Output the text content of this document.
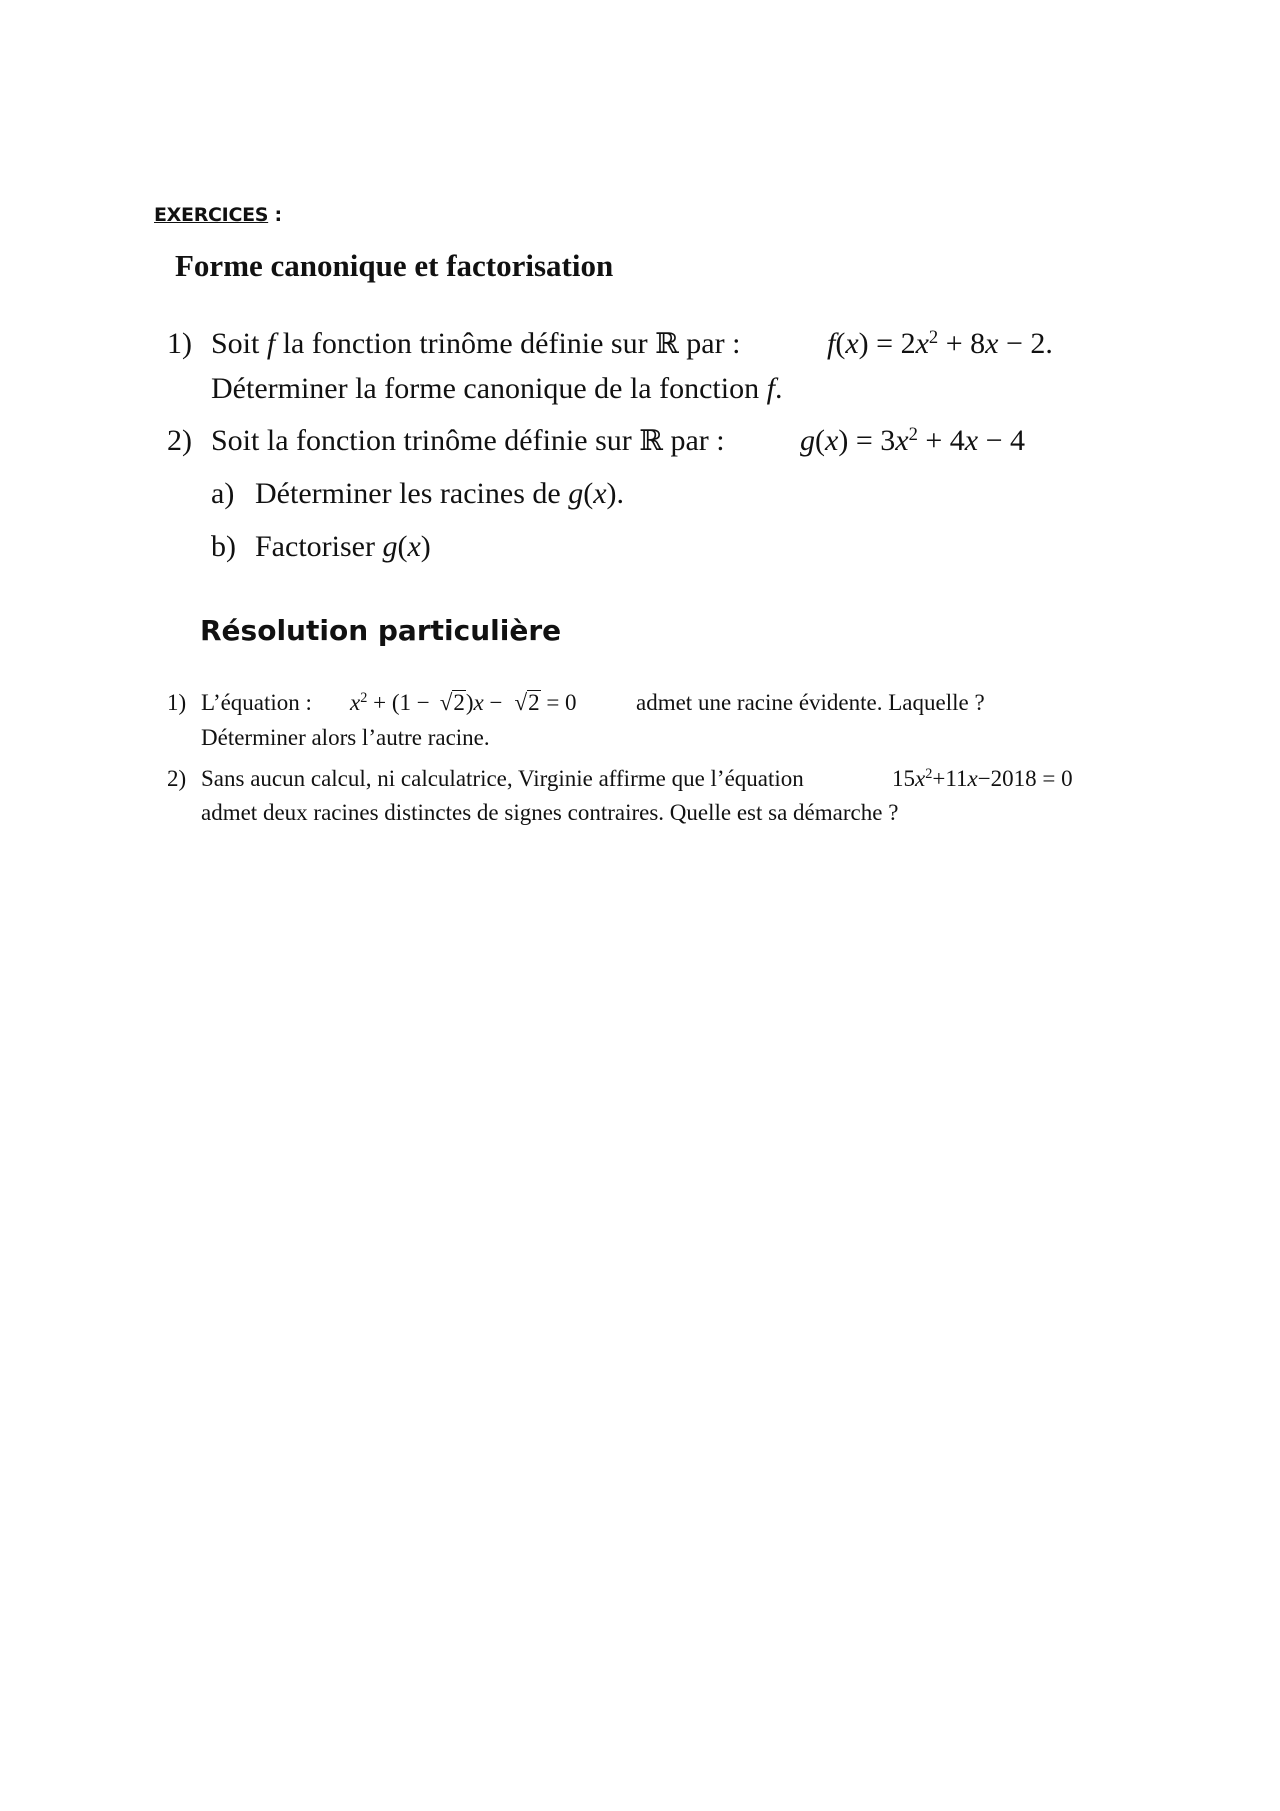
EXERCICES :
Forme canonique et factorisation
1) Soit f la fonction trinôme définie sur ℝ par :	$f(x) = 2x^2 + 8x - 2$.
Déterminer la forme canonique de la fonction f.
2) Soit la fonction trinôme définie sur ℝ par :	$g(x) = 3x^2 + 4x - 4$
a) Déterminer les racines de g(x).
b) Factoriser g(x)
Résolution particulière
1) L’équation : $x^2 + (1 - √2)x - √2 = 0$	admet une racine évidente. Laquelle ?
Déterminer alors l’autre racine.
2) Sans aucun calcul, ni calculatrice, Virginie affirme que l’équation	$15x^2+11x-2018 = 0$
admet deux racines distinctes de signes contraires. Quelle est sa démarche ?
